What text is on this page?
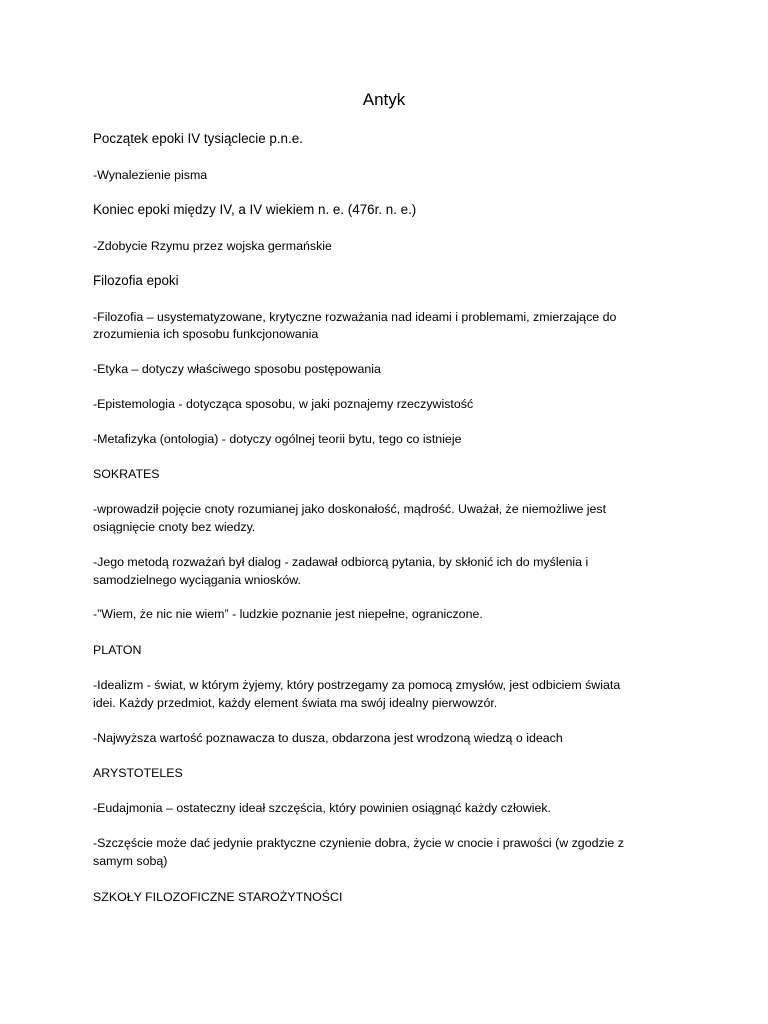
Antyk
Początek epoki IV tysiąclecie p.n.e.
-Wynalezienie pisma
Koniec epoki między IV, a IV wiekiem n. e. (476r. n. e.)
-Zdobycie Rzymu przez wojska germańskie
Filozofia epoki
-Filozofia – usystematyzowane, krytyczne rozważania nad ideami i problemami, zmierzające do
zrozumienia ich sposobu funkcjonowania
-Etyka – dotyczy właściwego sposobu postępowania
-Epistemologia - dotycząca sposobu, w jaki poznajemy rzeczywistość
-Metafizyka (ontologia) - dotyczy ogólnej teorii bytu, tego co istnieje
SOKRATES
-wprowadził pojęcie cnoty rozumianej jako doskonałość, mądrość. Uważał, że niemożliwe jest
osiągnięcie cnoty bez wiedzy.
-Jego metodą rozważań był dialog - zadawał odbiorcą pytania, by skłonić ich do myślenia i
samodzielnego wyciągania wniosków.
-”Wiem, że nic nie wiem” - ludzkie poznanie jest niepełne, ograniczone.
PLATON
-Idealizm - świat, w którym żyjemy, który postrzegamy za pomocą zmysłów, jest odbiciem świata
idei. Każdy przedmiot, każdy element świata ma swój idealny pierwowzór.
-Najwyższa wartość poznawacza to dusza, obdarzona jest wrodzoną wiedzą o ideach
ARYSTOTELES
-Eudajmonia – ostateczny ideał szczęścia, który powinien osiągnąć każdy człowiek.
-Szczęście może dać jedynie praktyczne czynienie dobra, życie w cnocie i prawości (w zgodzie z
samym sobą)
SZKOŁY FILOZOFICZNE STAROŻYTNOŚCI
